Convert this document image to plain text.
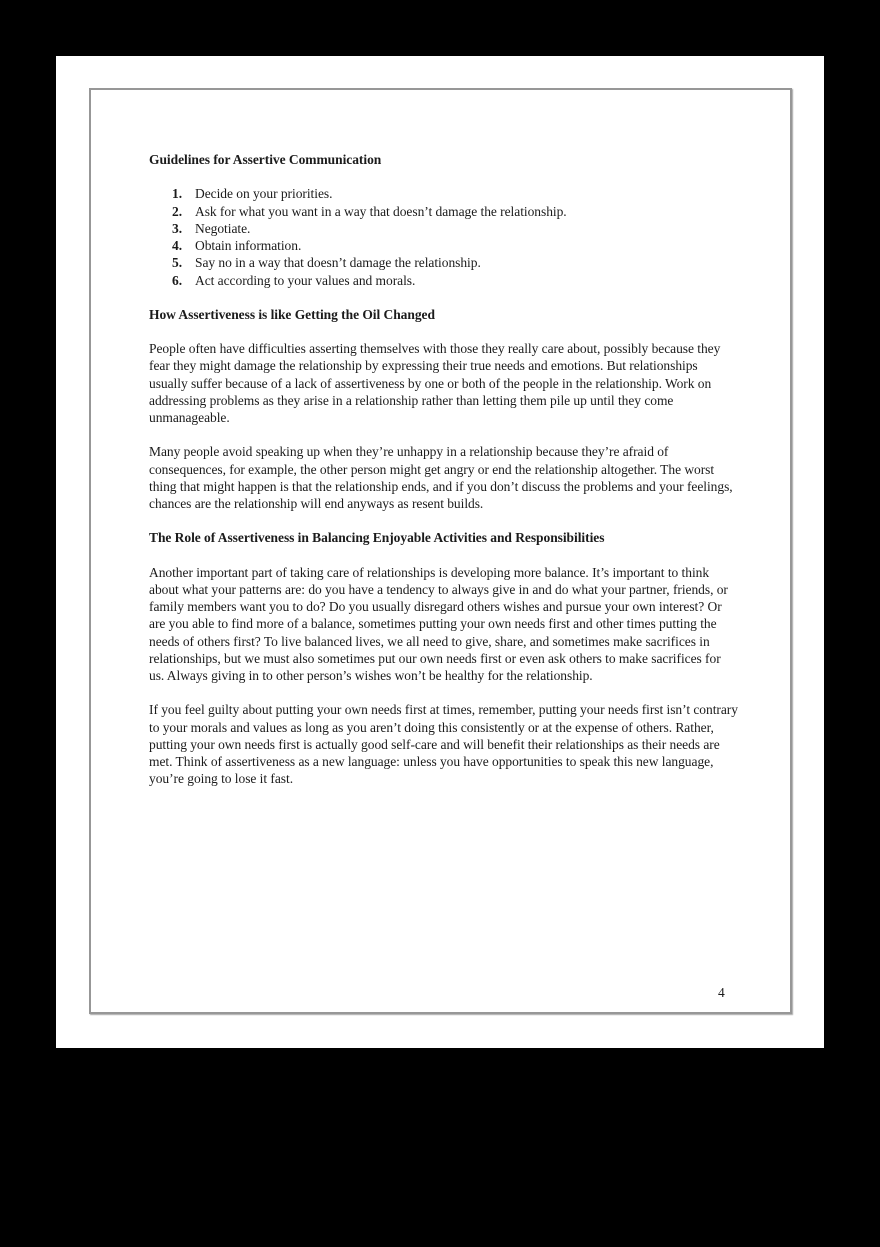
Guidelines for Assertive Communication
1. Decide on your priorities.
2. Ask for what you want in a way that doesn’t damage the relationship.
3. Negotiate.
4. Obtain information.
5. Say no in a way that doesn’t damage the relationship.
6. Act according to your values and morals.
How Assertiveness is like Getting the Oil Changed

People often have difficulties asserting themselves with those they really care about, possibly because they fear they might damage the relationship by expressing their true needs and emotions. But relationships usually suffer because of a lack of assertiveness by one or both of the people in the relationship. Work on addressing problems as they arise in a relationship rather than letting them pile up until they come unmanageable.

Many people avoid speaking up when they’re unhappy in a relationship because they’re afraid of consequences, for example, the other person might get angry or end the relationship altogether. The worst thing that might happen is that the relationship ends, and if you don’t discuss the problems and your feelings, chances are the relationship will end anyways as resent builds.

The Role of Assertiveness in Balancing Enjoyable Activities and Responsibilities

Another important part of taking care of relationships is developing more balance. It’s important to think about what your patterns are: do you have a tendency to always give in and do what your partner, friends, or family members want you to do? Do you usually disregard others wishes and pursue your own interest? Or are you able to find more of a balance, sometimes putting your own needs first and other times putting the needs of others first? To live balanced lives, we all need to give, share, and sometimes make sacrifices in relationships, but we must also sometimes put our own needs first or even ask others to make sacrifices for us. Always giving in to other person’s wishes won’t be healthy for the relationship.

If you feel guilty about putting your own needs first at times, remember, putting your needs first isn’t contrary to your morals and values as long as you aren’t doing this consistently or at the expense of others. Rather, putting your own needs first is actually good self-care and will benefit their relationships as their needs are met. Think of assertiveness as a new language: unless you have opportunities to speak this new language, you’re going to lose it fast.

4
